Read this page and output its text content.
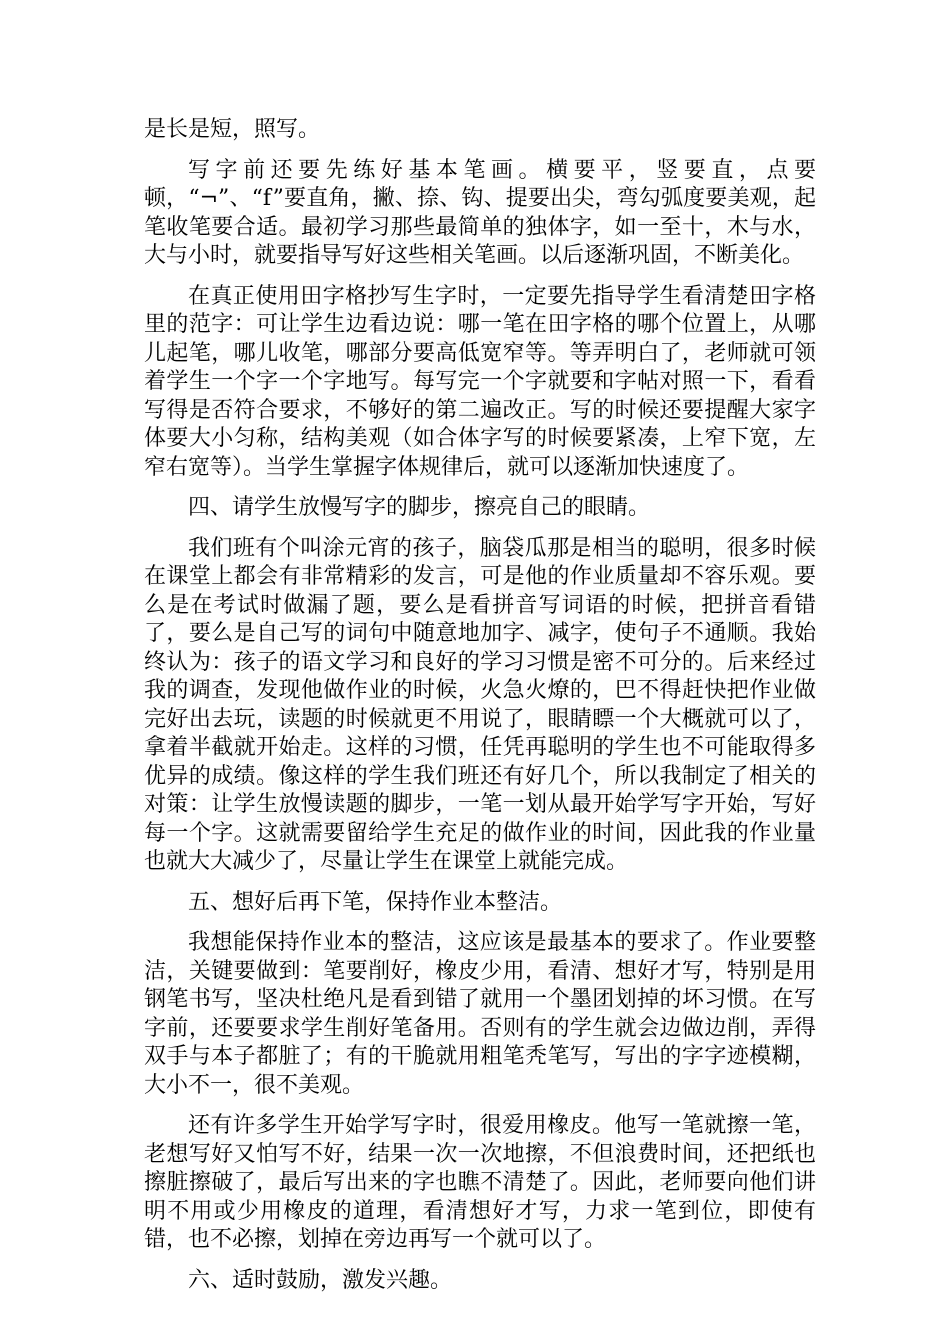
是长是短，照写。

写字前还要先练好基本笔画。横要平，竖要直，点要顿，“¬”、“f”要直角，撇、捺、钩、提要出尖，弯勾弧度要美观，起笔收笔要合适。最初学习那些最简单的独体字，如一至十，木与水，大与小时，就要指导写好这些相关笔画。以后逐渐巩固，不断美化。

在真正使用田字格抄写生字时，一定要先指导学生看清楚田字格里的范字：可让学生边看边说：哪一笔在田字格的哪个位置上，从哪儿起笔，哪儿收笔，哪部分要高低宽窄等。等弄明白了，老师就可领着学生一个字一个字地写。每写完一个字就要和字帖对照一下，看看写得是否符合要求，不够好的第二遍改正。写的时候还要提醒大家字体要大小匀称，结构美观（如合体字写的时候要紧凑，上窄下宽，左窄右宽等）。当学生掌握字体规律后，就可以逐渐加快速度了。

四、请学生放慢写字的脚步，擦亮自己的眼睛。

我们班有个叫涂元宵的孩子，脑袋瓜那是相当的聪明，很多时候在课堂上都会有非常精彩的发言，可是他的作业质量却不容乐观。要么是在考试时做漏了题，要么是看拼音写词语的时候，把拼音看错了，要么是自己写的词句中随意地加字、减字，使句子不通顺。我始终认为：孩子的语文学习和良好的学习习惯是密不可分的。后来经过我的调查，发现他做作业的时候，火急火燎的，巴不得赶快把作业做完好出去玩，读题的时候就更不用说了，眼睛瞟一个大概就可以了，拿着半截就开始走。这样的习惯，任凭再聪明的学生也不可能取得多优异的成绩。像这样的学生我们班还有好几个，所以我制定了相关的 对策：让学生放慢读题的脚步，一笔一划从最开始学写字开始，写好每一个字。这就需要留给学生充足的做作业的时间，因此我的作业量也就大大减少了，尽量让学生在课堂上就能完成。

五、想好后再下笔，保持作业本整洁。

我想能保持作业本的整洁，这应该是最基本的要求了。作业要整洁，关键要做到：笔要削好，橡皮少用，看清、想好才写，特别是用钢笔书写，坚决杜绝凡是看到错了就用一个墨团划掉的坏习惯。在写字前，还要要求学生削好笔备用。否则有的学生就会边做边削，弄得双手与本子都脏了；有的干脆就用粗笔秃笔写，写出的字字迹模糊，大小不一，很不美观。

还有许多学生开始学写字时，很爱用橡皮。他写一笔就擦一笔，老想写好又怕写不好，结果一次一次地擦，不但浪费时间，还把纸也擦脏擦破了，最后写出来的字也瞧不清楚了。因此，老师要向他们讲明不用或少用橡皮的道理，看清想好才写，力求一笔到位，即使有错，也不必擦，划掉在旁边再写一个就可以了。

六、适时鼓励，激发兴趣。
